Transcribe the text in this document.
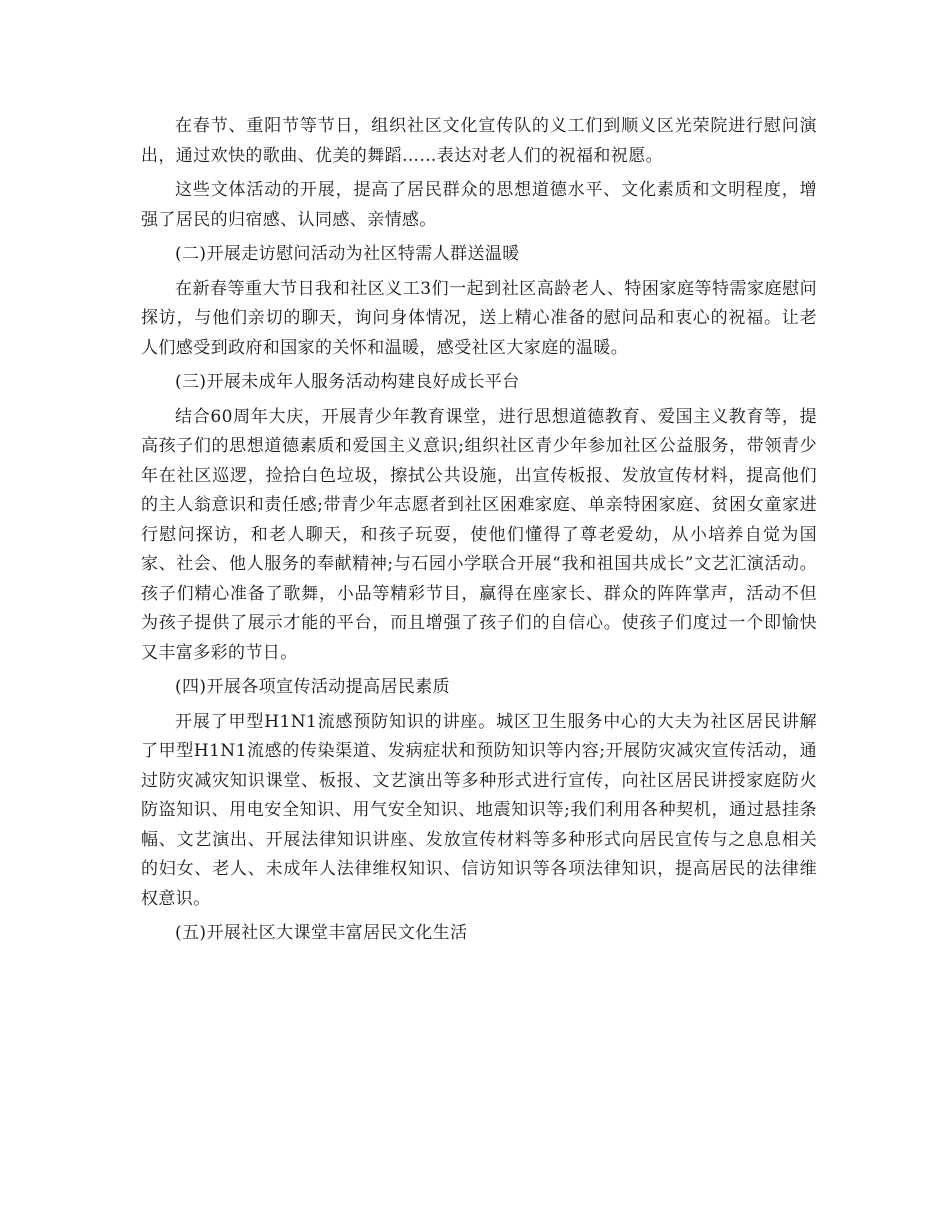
在春节、重阳节等节日，组织社区文化宣传队的义工们到顺义区光荣院进行慰问演出，通过欢快的歌曲、优美的舞蹈……表达对老人们的祝福和祝愿。

这些文体活动的开展，提高了居民群众的思想道德水平、文化素质和文明程度，增强了居民的归宿感、认同感、亲情感。

(二)开展走访慰问活动为社区特需人群送温暖

在新春等重大节日我和社区义工3们一起到社区高龄老人、特困家庭等特需家庭慰问探访，与他们亲切的聊天，询问身体情况，送上精心准备的慰问品和衷心的祝福。让老人们感受到政府和国家的关怀和温暖，感受社区大家庭的温暖。

(三)开展未成年人服务活动构建良好成长平台

结合60周年大庆，开展青少年教育课堂，进行思想道德教育、爱国主义教育等，提高孩子们的思想道德素质和爱国主义意识;组织社区青少年参加社区公益服务，带领青少年在社区巡逻，捡拾白色垃圾，擦拭公共设施，出宣传板报、发放宣传材料，提高他们的主人翁意识和责任感;带青少年志愿者到社区困难家庭、单亲特困家庭、贫困女童家进行慰问探访，和老人聊天，和孩子玩耍，使他们懂得了尊老爱幼，从小培养自觉为国家、社会、他人服务的奉献精神;与石园小学联合开展“我和祖国共成长”文艺汇演活动。孩子们精心准备了歌舞，小品等精彩节目，赢得在座家长、群众的阵阵掌声，活动不但为孩子提供了展示才能的平台，而且增强了孩子们的自信心。使孩子们度过一个即愉快又丰富多彩的节日。

(四)开展各项宣传活动提高居民素质

开展了甲型H1N1流感预防知识的讲座。城区卫生服务中心的大夫为社区居民讲解了甲型H1N1流感的传染渠道、发病症状和预防知识等内容;开展防灾减灾宣传活动，通过防灾减灾知识课堂、板报、文艺演出等多种形式进行宣传，向社区居民讲授家庭防火防盗知识、用电安全知识、用气安全知识、地震知识等;我们利用各种契机，通过悬挂条幅、文艺演出、开展法律知识讲座、发放宣传材料等多种形式向居民宣传与之息息相关的妇女、老人、未成年人法律维权知识、信访知识等各项法律知识，提高居民的法律维权意识。

(五)开展社区大课堂丰富居民文化生活
